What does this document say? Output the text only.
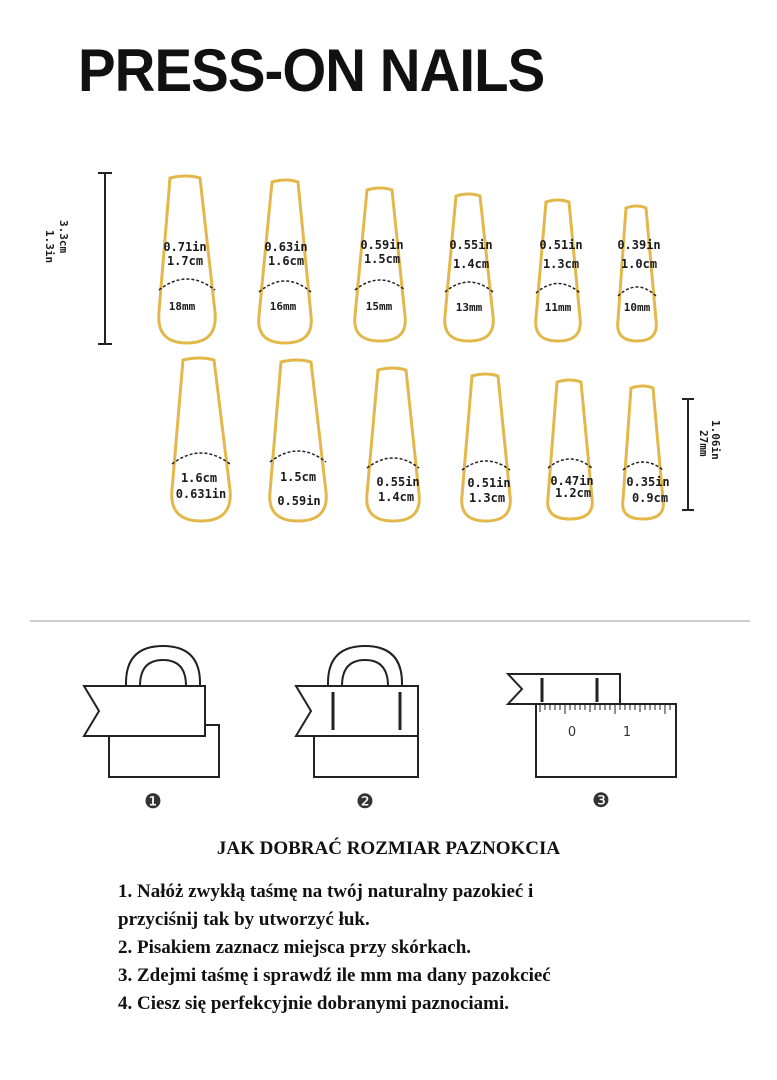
PRESS-ON NAILS
3.3cm
1.3in	0.71in
1.7cm
18mm
0.63in
1.6cm
16mm
0.59in
1.5cm
15mm
0.55in
1.4cm
13mm
0.51in
1.3cm
11mm
0.39in
1.0cm
10mm
1.6cm
0.631in
1.5cm
0.59in
0.55in
1.4cm
0.51in
1.3cm
0.47in
1.2cm
0.35in
0.9cm
1.06in
27mm
0	1
❶	❷	❸
JAK DOBRAĆ ROZMIAR PAZNOKCIA
1. Nałóż zwykłą taśmę na twój naturalny pazokieć i
przyciśnij tak by utworzyć łuk.
2. Pisakiem zaznacz miejsca przy skórkach.
3. Zdejmi taśmę i sprawdź ile mm ma dany pazokcieć
4. Ciesz się perfekcyjnie dobranymi paznociami.
